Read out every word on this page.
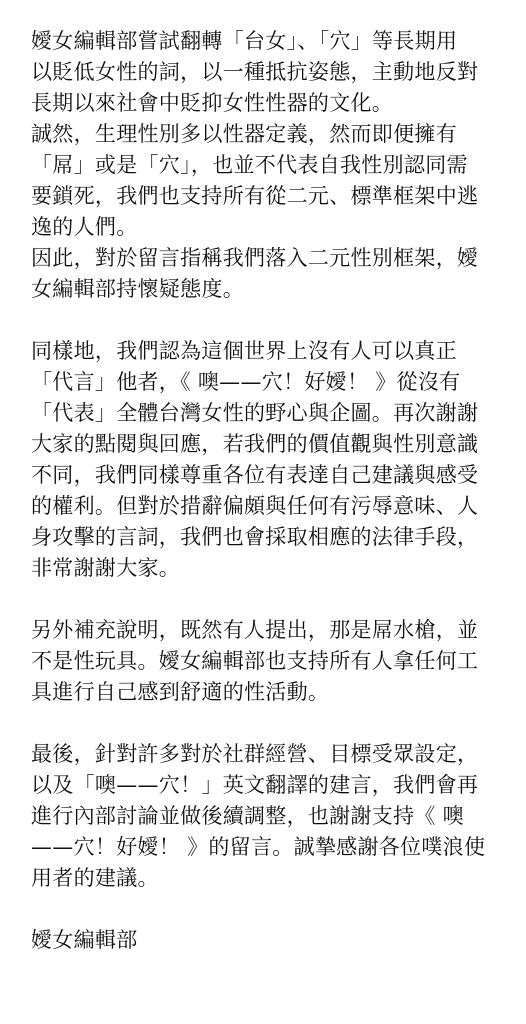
嬡女編輯部嘗試翻轉「台女」、「穴」等長期用
以貶低女性的詞，以一種抵抗姿態，主動地反對
長期以來社會中貶抑女性性器的文化。
誠然，生理性別多以性器定義，然而即便擁有
「屌」或是「穴」，也並不代表自我性別認同需
要鎖死，我們也支持所有從二元、標準框架中逃
逸的人們。
因此，對於留言指稱我們落入二元性別框架，嬡
女編輯部持懷疑態度。
同樣地，我們認為這個世界上沒有人可以真正
「代言」他者，《 噢——穴！好嬡！ 》從沒有
「代表」全體台灣女性的野心與企圖。再次謝謝
大家的點閱與回應，若我們的價值觀與性別意識
不同，我們同樣尊重各位有表達自己建議與感受
的權利。但對於措辭偏頗與任何有污辱意味、人
身攻擊的言詞，我們也會採取相應的法律手段，
非常謝謝大家。
另外補充說明，既然有人提出，那是屌水槍，並
不是性玩具。嬡女編輯部也支持所有人拿任何工
具進行自己感到舒適的性活動。
最後，針對許多對於社群經營、目標受眾設定，
以及「噢——穴！」英文翻譯的建言，我們會再
進行內部討論並做後續調整，也謝謝支持《 噢
——穴！好嬡！ 》的留言。誠摯感謝各位噗浪使
用者的建議。
嬡女編輯部
